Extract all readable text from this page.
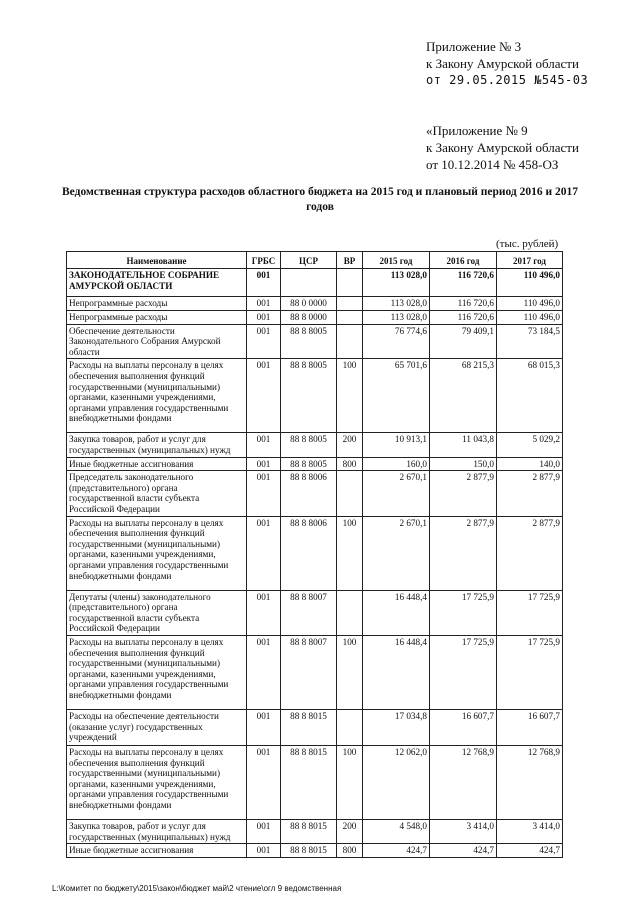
Приложение № 3
к Закону Амурской области
от 29.05.2015 №545-03
«Приложение № 9
к Закону Амурской области
от 10.12.2014 № 458-ОЗ
Ведомственная структура расходов областного бюджета на 2015 год и плановый период 2016 и 2017 годов
(тыс. рублей)
Наименование	ГРБС	ЦСР	ВР	2015 год	2016 год	2017 год
ЗАКОНОДАТЕЛЬНОЕ СОБРАНИЕ АМУРСКОЙ ОБЛАСТИ	001			113 028,0	116 720,6	110 496,0
Непрограммные расходы	001	88 0 0000		113 028,0	116 720,6	110 496,0
Непрограммные расходы	001	88 8 0000		113 028,0	116 720,6	110 496,0
Обеспечение деятельности Законодательного Собрания Амурской области	001	88 8 8005		76 774,6	79 409,1	73 184,5
Расходы на выплаты персоналу в целях обеспечения выполнения функций государственными (муниципальными) органами, казенными учреждениями, органами управления государственными внебюджетными фондами	001	88 8 8005	100	65 701,6	68 215,3	68 015,3
Закупка товаров, работ и услуг для государственных (муниципальных) нужд	001	88 8 8005	200	10 913,1	11 043,8	5 029,2
Иные бюджетные ассигнования	001	88 8 8005	800	160,0	150,0	140,0
Председатель законодательного (представительного) органа государственной власти субъекта Российской Федерации	001	88 8 8006		2 670,1	2 877,9	2 877,9
Расходы на выплаты персоналу в целях обеспечения выполнения функций государственными (муниципальными) органами, казенными учреждениями, органами управления государственными внебюджетными фондами	001	88 8 8006	100	2 670,1	2 877,9	2 877,9
Депутаты (члены) законодательного (представительного) органа государственной власти субъекта Российской Федерации	001	88 8 8007		16 448,4	17 725,9	17 725,9
Расходы на выплаты персоналу в целях обеспечения выполнения функций государственными (муниципальными) органами, казенными учреждениями, органами управления государственными внебюджетными фондами	001	88 8 8007	100	16 448,4	17 725,9	17 725,9
Расходы на обеспечение деятельности (оказание услуг) государственных учреждений	001	88 8 8015		17 034,8	16 607,7	16 607,7
Расходы на выплаты персоналу в целях обеспечения выполнения функций государственными (муниципальными) органами, казенными учреждениями, органами управления государственными внебюджетными фондами	001	88 8 8015	100	12 062,0	12 768,9	12 768,9
Закупка товаров, работ и услуг для государственных (муниципальных) нужд	001	88 8 8015	200	4 548,0	3 414,0	3 414,0
Иные бюджетные ассигнования	001	88 8 8015	800	424,7	424,7	424,7
L:\Комитет по бюджету\2015\закон\бюджет май\2 чтение\огл 9 ведомственная
